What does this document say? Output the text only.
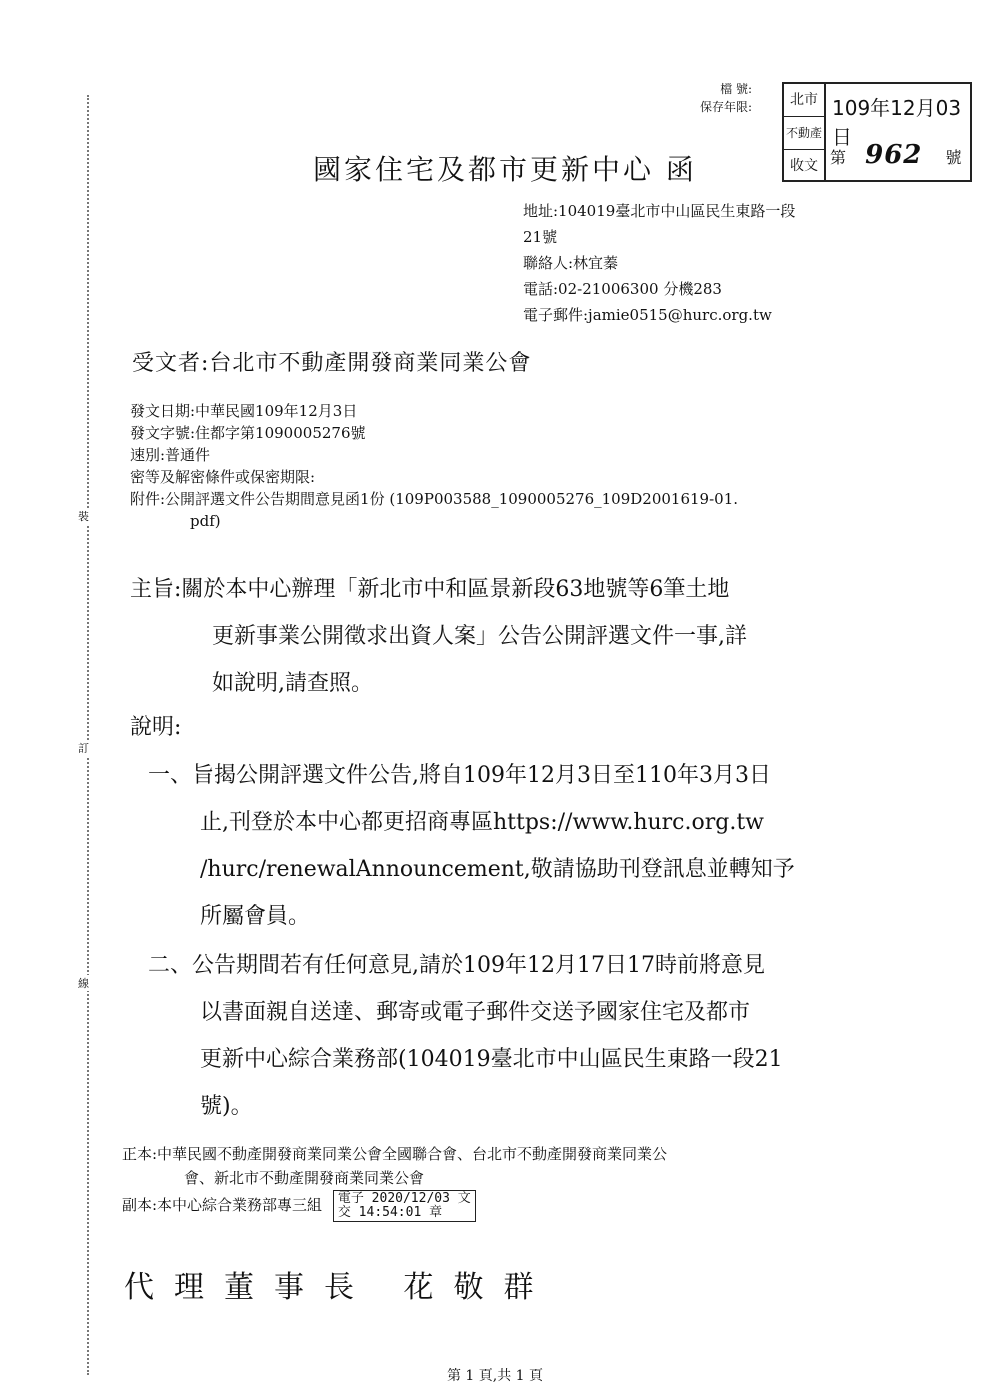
裝
訂
線
檔 號:
保存年限:	北市
不動產
收文
109年12月03日
第 962 號
國家住宅及都市更新中心 函
地址:104019臺北市中山區民生東路一段
21號
聯絡人:林宜蓁
電話:02-21006300 分機283
電子郵件:jamie0515@hurc.org.tw
受文者:台北市不動產開發商業同業公會
發文日期:中華民國109年12月3日
發文字號:住都字第1090005276號
速別:普通件
密等及解密條件或保密期限:
附件:公開評選文件公告期間意見函1份 (109P003588_1090005276_109D2001619-01.
pdf)
主旨:關於本中心辦理「新北市中和區景新段63地號等6筆土地
更新事業公開徵求出資人案」公告公開評選文件一事,詳
如說明,請查照。
說明:
一、旨揭公開評選文件公告,將自109年12月3日至110年3月3日
止,刊登於本中心都更招商專區https://www.hurc.org.tw
/hurc/renewalAnnouncement,敬請協助刊登訊息並轉知予
所屬會員。
二、公告期間若有任何意見,請於109年12月17日17時前將意見
以書面親自送達、郵寄或電子郵件交送予國家住宅及都市
更新中心綜合業務部(104019臺北市中山區民生東路一段21
號)。
正本:中華民國不動產開發商業同業公會全國聯合會、台北市不動產開發商業同業公
會、新北市不動產開發商業同業公會
副本:本中心綜合業務部專三組 電子 2020/12/03 文
交 14:54:01 章
代理董事長 花敬群
第 1 頁,共 1 頁
